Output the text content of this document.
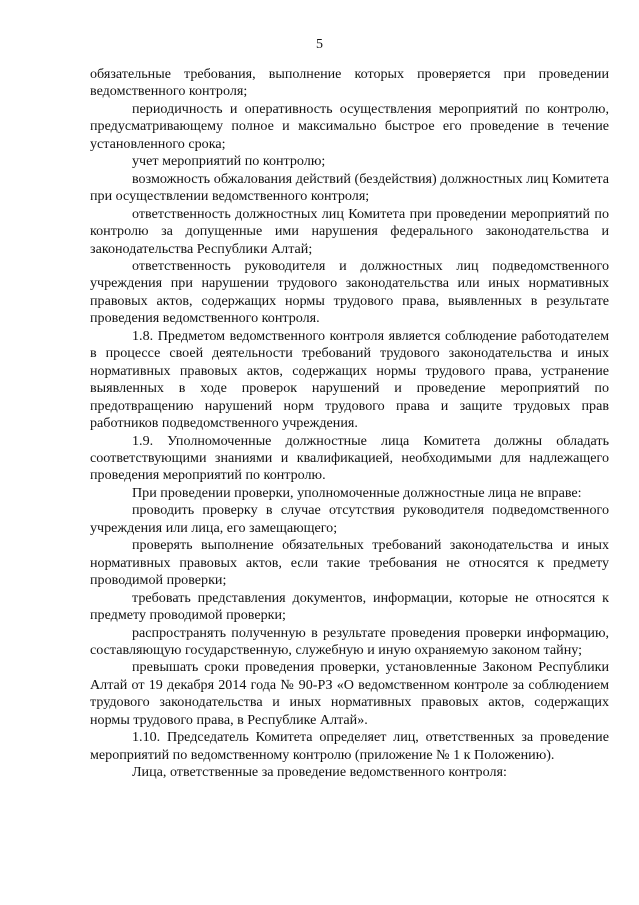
5

обязательные требования, выполнение которых проверяется при проведении ведомственного контроля;

периодичность и оперативность осуществления мероприятий по контролю, предусматривающему полное и максимально быстрое его проведение в течение установленного срока;

учет мероприятий по контролю;

возможность обжалования действий (бездействия) должностных лиц Комитета при осуществлении ведомственного контроля;

ответственность должностных лиц Комитета при проведении мероприятий по контролю за допущенные ими нарушения федерального законодательства и законодательства Республики Алтай;

ответственность руководителя и должностных лиц подведомственного учреждения при нарушении трудового законодательства или иных нормативных правовых актов, содержащих нормы трудового права, выявленных в результате проведения ведомственного контроля.

1.8. Предметом ведомственного контроля является соблюдение работодателем в процессе своей деятельности требований трудового законодательства и иных нормативных правовых актов, содержащих нормы трудового права, устранение выявленных в ходе проверок нарушений и проведение мероприятий по предотвращению нарушений норм трудового права и защите трудовых прав работников подведомственного учреждения.

1.9. Уполномоченные должностные лица Комитета должны обладать соответствующими знаниями и квалификацией, необходимыми для надлежащего проведения мероприятий по контролю.

При проведении проверки, уполномоченные должностные лица не вправе:

проводить проверку в случае отсутствия руководителя подведомственного учреждения или лица, его замещающего;

проверять выполнение обязательных требований законодательства и иных нормативных правовых актов, если такие требования не относятся к предмету проводимой проверки;

требовать представления документов, информации, которые не относятся к предмету проводимой проверки;

распространять полученную в результате проведения проверки информацию, составляющую государственную, служебную и иную охраняемую законом тайну;

превышать сроки проведения проверки, установленные Законом Республики Алтай от 19 декабря 2014 года № 90-РЗ «О ведомственном контроле за соблюдением трудового законодательства и иных нормативных правовых актов, содержащих нормы трудового права, в Республике Алтай».

1.10. Председатель Комитета определяет лиц, ответственных за проведение мероприятий по ведомственному контролю (приложение № 1 к Положению).

Лица, ответственные за проведение ведомственного контроля:
